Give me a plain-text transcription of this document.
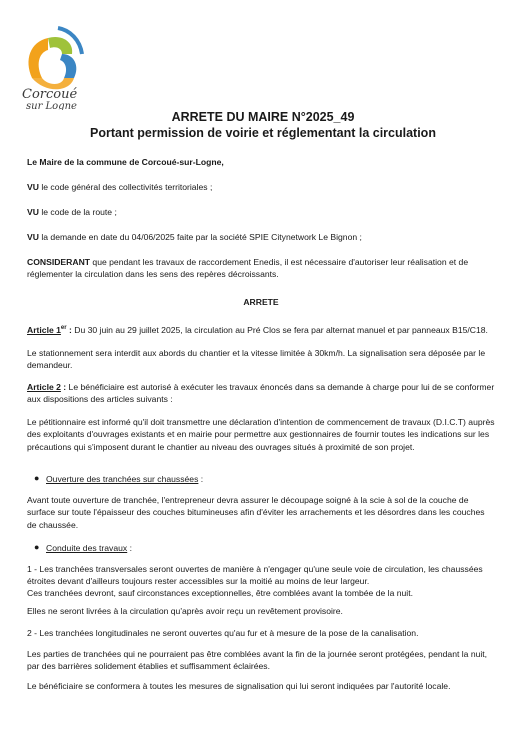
Corcoué
sur Logne
ARRETE DU MAIRE N°2025_49
Portant permission de voirie et réglementant la circulation

Le Maire de la commune de Corcoué-sur-Logne,

VU le code général des collectivités territoriales ;

VU le code de la route ;

VU la demande en date du 04/06/2025 faite par la société SPIE Citynetwork Le Bignon ;

CONSIDERANT que pendant les travaux de raccordement Enedis, il est nécessaire d'autoriser leur réalisation et de réglementer la circulation dans les sens des repères décroissants.

ARRETE

Article 1er : Du 30 juin au 29 juillet 2025, la circulation au Pré Clos se fera par alternat manuel et par panneaux B15/C18.

Le stationnement sera interdit aux abords du chantier et la vitesse limitée à 30km/h. La signalisation sera déposée par le demandeur.

Article 2 : Le bénéficiaire est autorisé à exécuter les travaux énoncés dans sa demande à charge pour lui de se conformer aux dispositions des articles suivants :

Le pétitionnaire est informé qu'il doit transmettre une déclaration d'intention de commencement de travaux (D.I.C.T) auprès des exploitants d'ouvrages existants et en mairie pour permettre aux gestionnaires de fournir toutes les indications sur les précautions qui s'imposent durant le chantier au niveau des ouvrages situés à proximité de son projet.

● Ouverture des tranchées sur chaussées :

Avant toute ouverture de tranchée, l'entrepreneur devra assurer le découpage soigné à la scie à sol de la couche de surface sur toute l'épaisseur des couches bitumineuses afin d'éviter les arrachements et les désordres dans les couches de chaussée.

● Conduite des travaux :

1 - Les tranchées transversales seront ouvertes de manière à n'engager qu'une seule voie de circulation, les chaussées étroites devant d'ailleurs toujours rester accessibles sur la moitié au moins de leur largeur.

Ces tranchées devront, sauf circonstances exceptionnelles, être comblées avant la tombée de la nuit.

Elles ne seront livrées à la circulation qu'après avoir reçu un revêtement provisoire.

2 - Les tranchées longitudinales ne seront ouvertes qu'au fur et à mesure de la pose de la canalisation.

Les parties de tranchées qui ne pourraient pas être comblées avant la fin de la journée seront protégées, pendant la nuit, par des barrières solidement établies et suffisamment éclairées.

Le bénéficiaire se conformera à toutes les mesures de signalisation qui lui seront indiquées par l'autorité locale.
